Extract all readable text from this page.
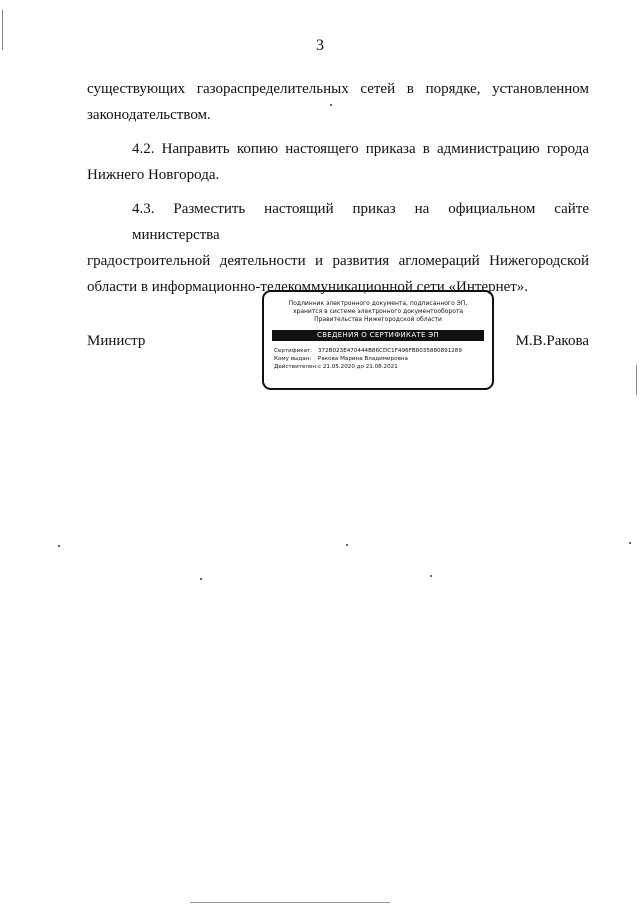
3

существующих газораспределительных сетей в порядке, установленном
законодательством.

4.2. Направить копию настоящего приказа в администрацию города
Нижнего Новгорода.

4.3. Разместить настоящий приказ на официальном сайте министерства
градостроительной деятельности и развития агломераций Нижегородской
области в информационно-телекоммуникационной сети «Интернет».

Министр	М.В.Ракова
Подлинник электронного документа, подписанного ЭП,
хранится в системе электронного документооборота
Правительства Нижегородской области
СВЕДЕНИЯ О СЕРТИФИКАТЕ ЭП
Сертификат: 372B023E470444B86CDC1F496FB8035880891289
Кому выдан: Ракова Марина Владимировна
Действителен:с 21.05.2020 до 21.08.2021
